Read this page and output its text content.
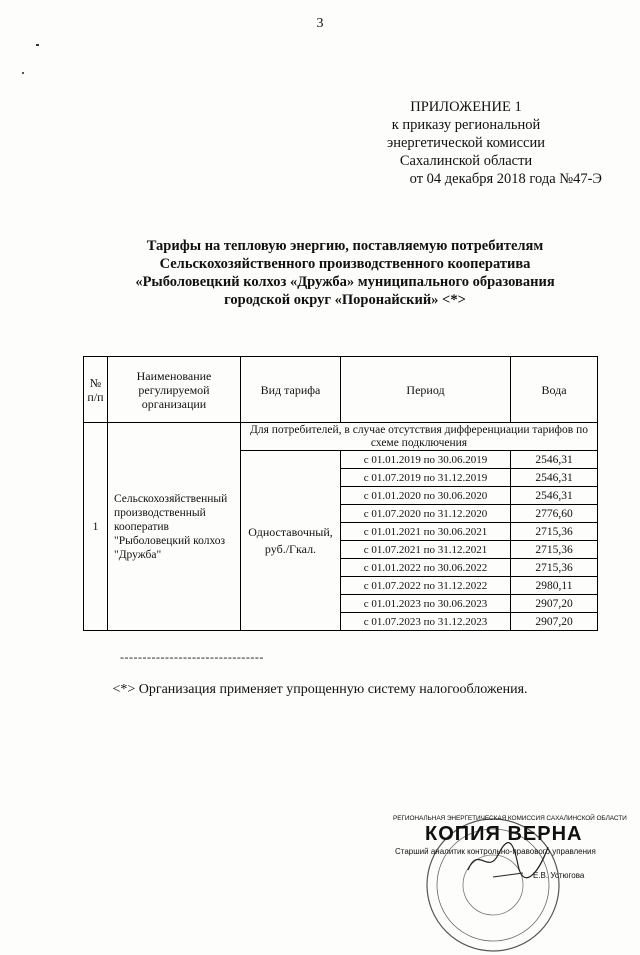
3
ПРИЛОЖЕНИЕ 1
к приказу региональной
энергетической комиссии
Сахалинской области
от 04 декабря 2018 года №47-Э
Тарифы на тепловую энергию, поставляемую потребителям
Сельскохозяйственного производственного кооператива
«Рыболовецкий колхоз «Дружба» муниципального образования
городской округ «Поронайский» <*>
№ п/п	Наименование регулируемой организации	Вид тарифа	Период	Вода
1	Сельскохозяйственный производственный кооператив "Рыболовецкий колхоз "Дружба"	Для потребителей, в случае отсутствия дифференциации тарифов по схеме подключения		
		Одноставочный, руб./Гкал.	с 01.01.2019 по 30.06.2019	2546,31
			с 01.07.2019 по 31.12.2019	2546,31
			с 01.01.2020 по 30.06.2020	2546,31
			с 01.07.2020 по 31.12.2020	2776,60
			с 01.01.2021 по 30.06.2021	2715,36
			с 01.07.2021 по 31.12.2021	2715,36
			с 01.01.2022 по 30.06.2022	2715,36
			с 01.07.2022 по 31.12.2022	2980,11
			с 01.01.2023 по 30.06.2023	2907,20
			с 01.07.2023 по 31.12.2023	2907,20
--------------------------------
<*> Организация применяет упрощенную систему налогообложения.
РЕГИОНАЛЬНАЯ ЭНЕРГЕТИЧЕСКАЯ КОМИССИЯ САХАЛИНСКОЙ ОБЛАСТИ
КОПИЯ ВЕРНА
Старший аналитик контрольно-правового управления
Е.В. Устюгова
